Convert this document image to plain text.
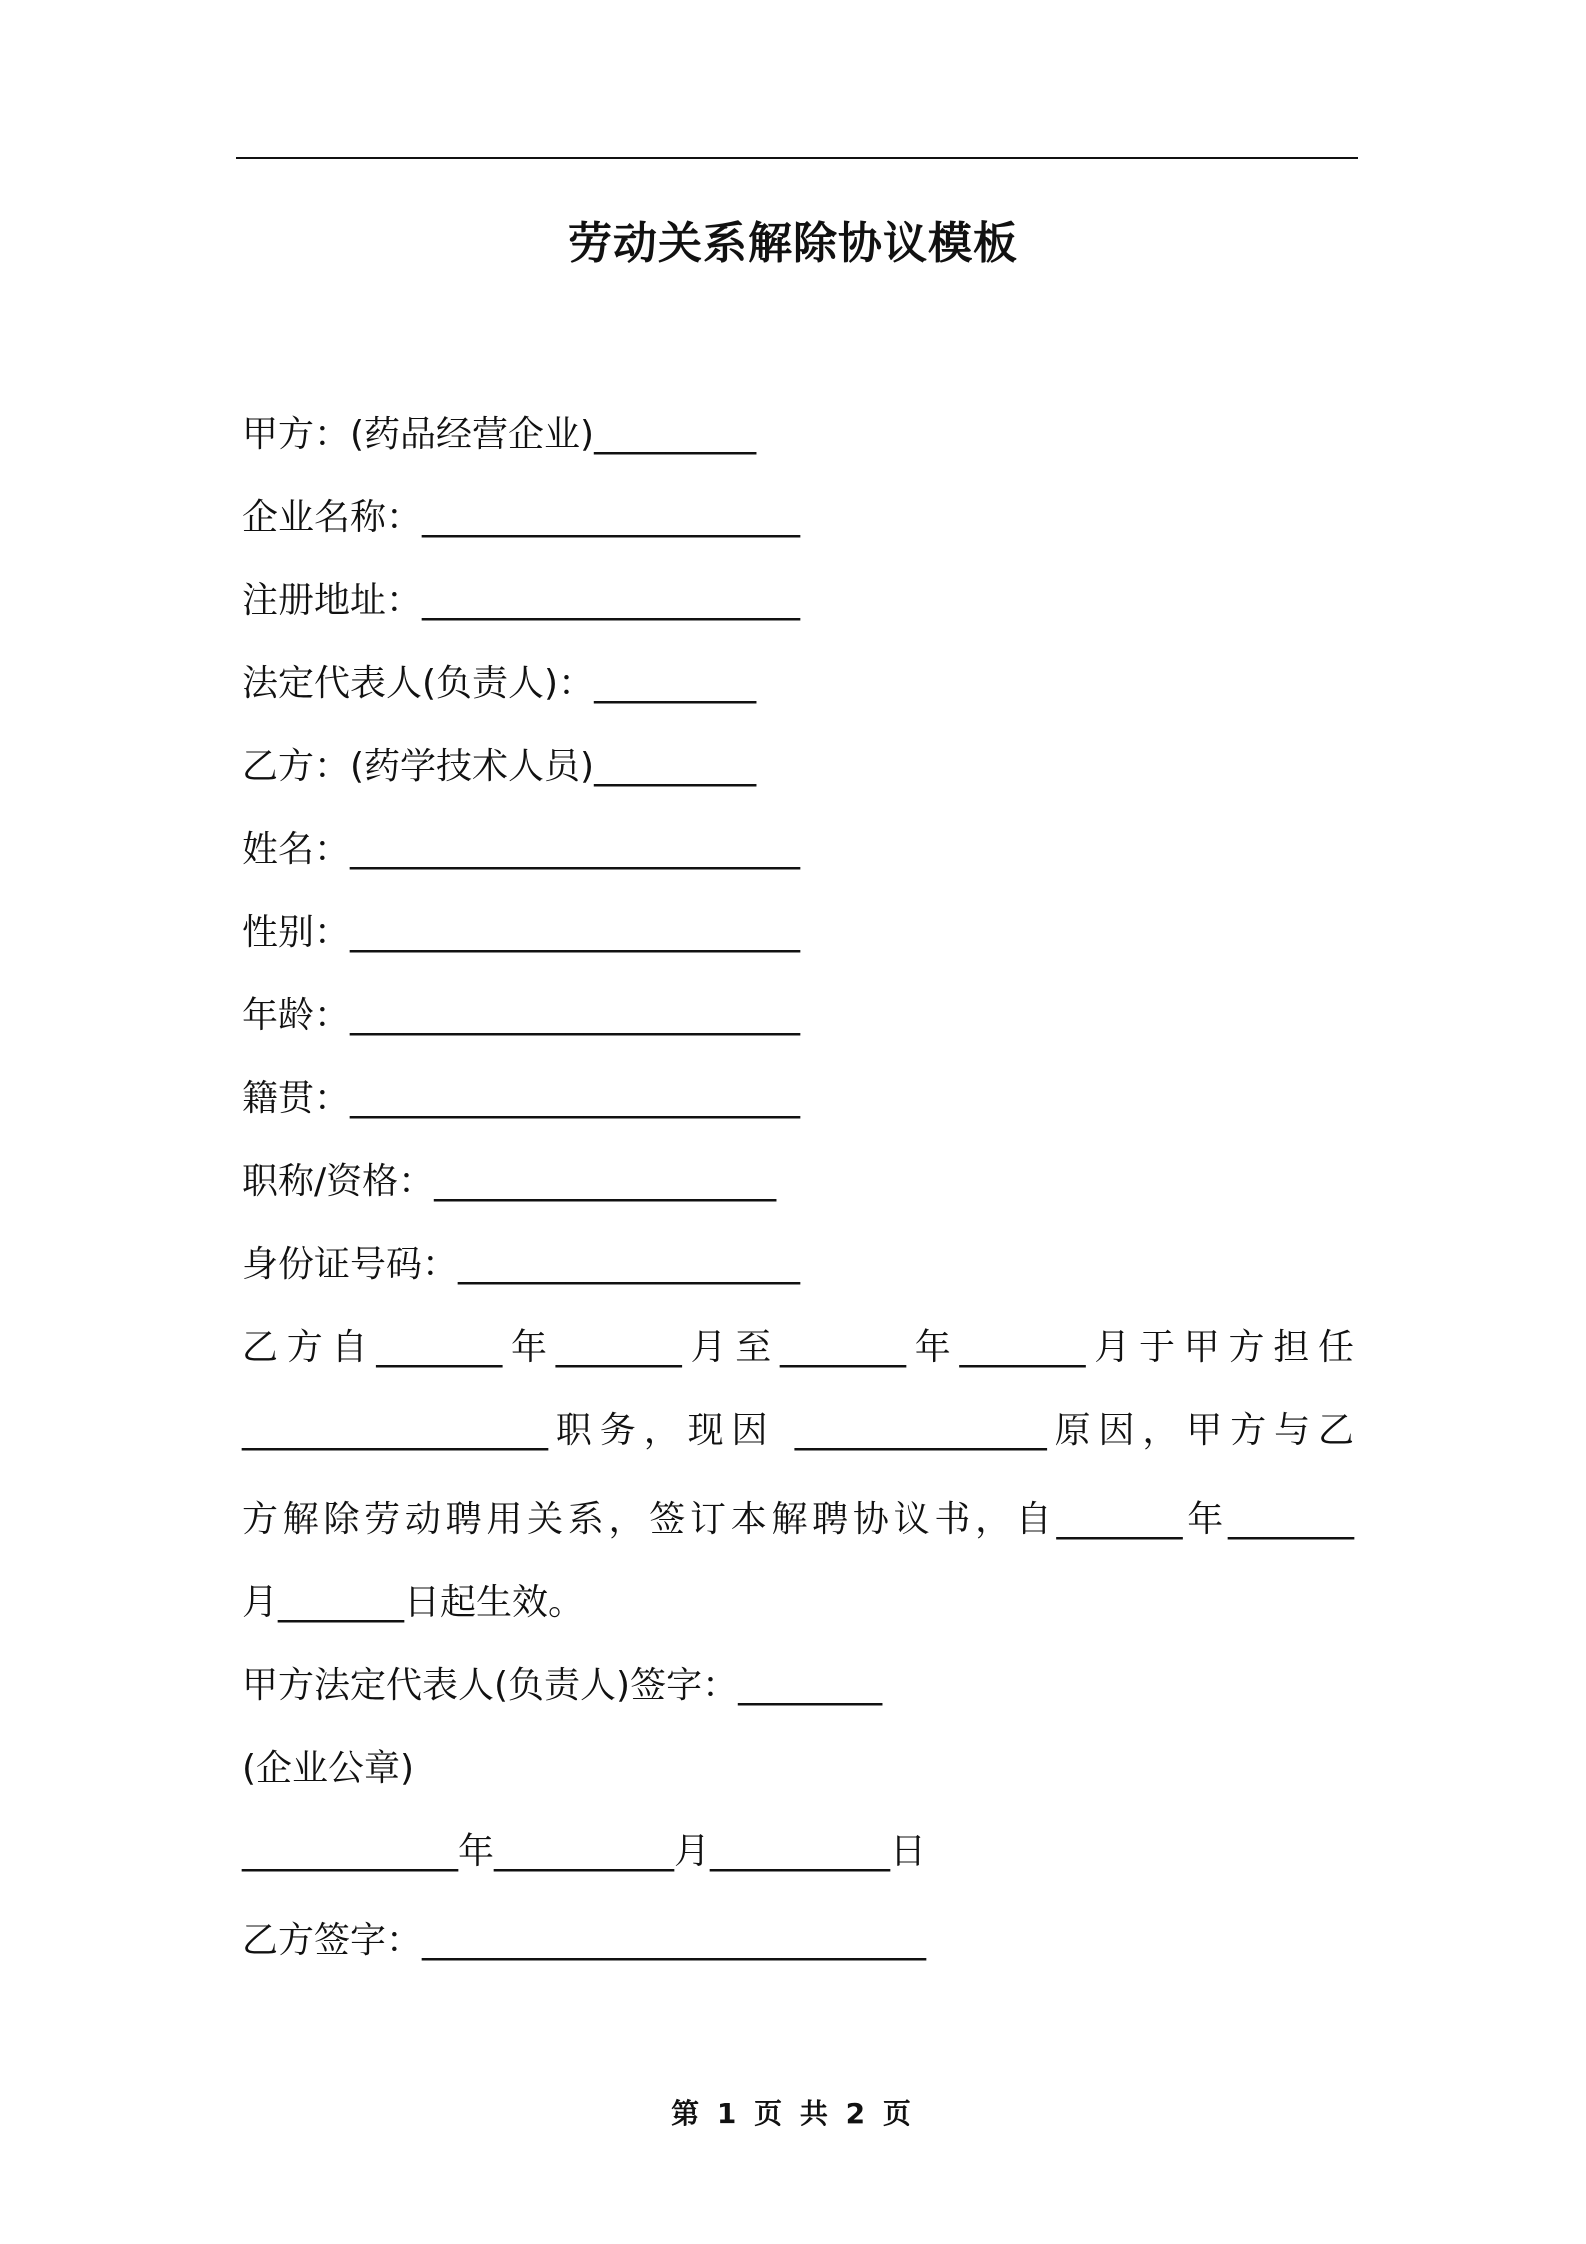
劳动关系解除协议模板
甲方：(药品经营企业)_________
企业名称：_____________________
注册地址：_____________________
法定代表人(负责人)：_________
乙方：(药学技术人员)_________
姓名：_________________________
性别：_________________________
年龄：_________________________
籍贯：_________________________
职称/资格：___________________
身份证号码：___________________
乙方自_______年_______月至_______年_______月于甲方担任
_________________职务，现因 ______________原因，甲方与乙
方解除劳动聘用关系，签订本解聘协议书，自_______年_______
月_______日起生效。
甲方法定代表人(负责人)签字：________
(企业公章)
____________年__________月__________日
乙方签字：____________________________
第 1 页 共 2 页
